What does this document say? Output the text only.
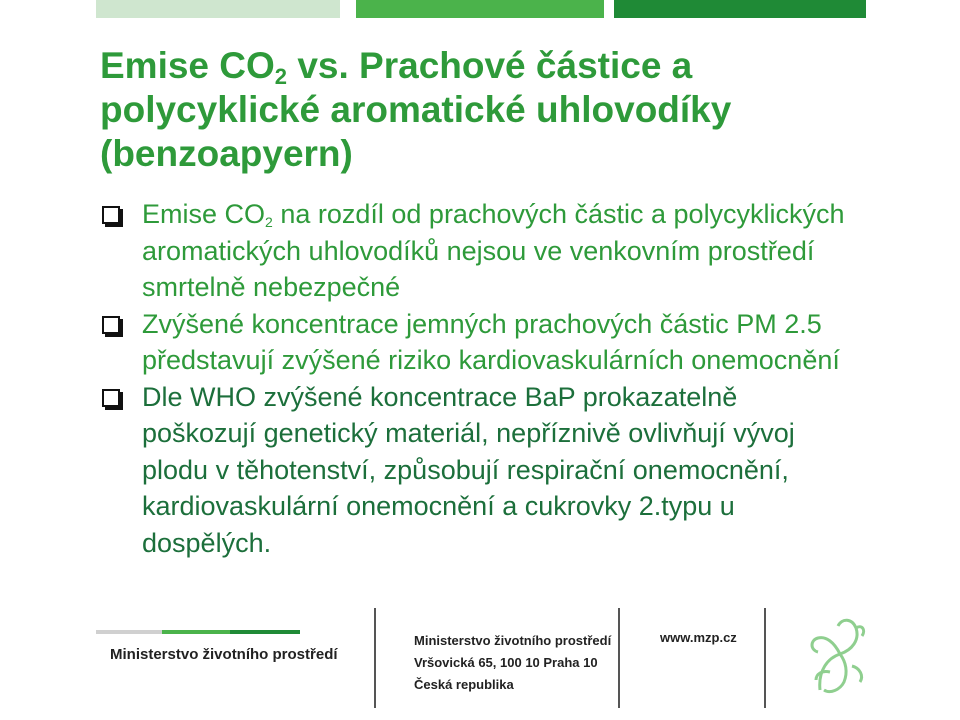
Emise $CO_2$ vs. Prachové částice a
polycyklické aromatické uhlovodíky
(benzoapyern)
Emise $CO_2$ na rozdíl od prachových částic a polycyklických aromatických uhlovodíků nejsou ve venkovním prostředí smrtelně nebezpečné
Zvýšené koncentrace jemných prachových částic PM 2.5 představují zvýšené riziko kardiovaskulárních onemocnění
Dle WHO zvýšené koncentrace BaP prokazatelně poškozují genetický materiál, nepříznivě ovlivňují vývoj plodu v těhotenství, způsobují respirační onemocnění, kardiovaskulární onemocnění a cukrovky 2.typu u dospělých.
Ministerstvo životního prostředí
Ministerstvo životního prostředí
Vršovická 65, 100 10 Praha 10
Česká republika
www.mzp.cz
